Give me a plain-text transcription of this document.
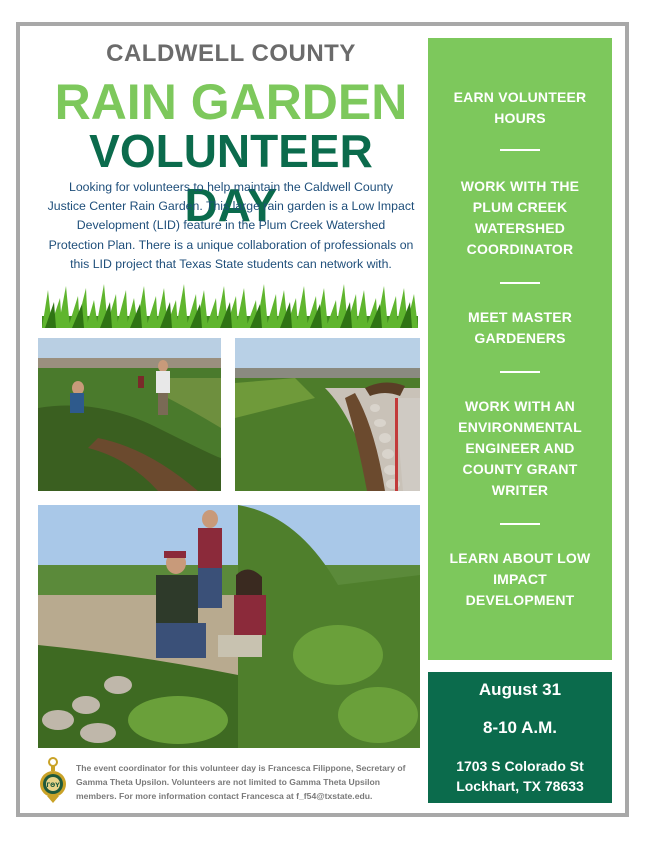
CALDWELL COUNTY
RAIN GARDEN
VOLUNTEER DAY
Looking for volunteers to help maintain the Caldwell County
Justice Center Rain Garden. This large rain garden is a Low Impact
Development (LID) feature in the Plum Creek Watershed
Protection Plan. There is a unique collaboration of professionals on
this LID project that Texas State students can network with.
EARN VOLUNTEER
HOURS
WORK WITH THE
PLUM CREEK
WATERSHED
COORDINATOR
MEET MASTER
GARDENERS
WORK WITH AN
ENVIRONMENTAL
ENGINEER AND
COUNTY GRANT
WRITER
LEARN ABOUT LOW
IMPACT
DEVELOPMENT
August 31
8-10 A.M.
1703 S Colorado St
Lockhart, TX 78633
ΓΘΥ
The event coordinator for this volunteer day is Francesca Filippone, Secretary of
Gamma Theta Upsilon. Volunteers are not limited to Gamma Theta Upsilon
members. For more information contact Francesca at f_f54@txstate.edu.
